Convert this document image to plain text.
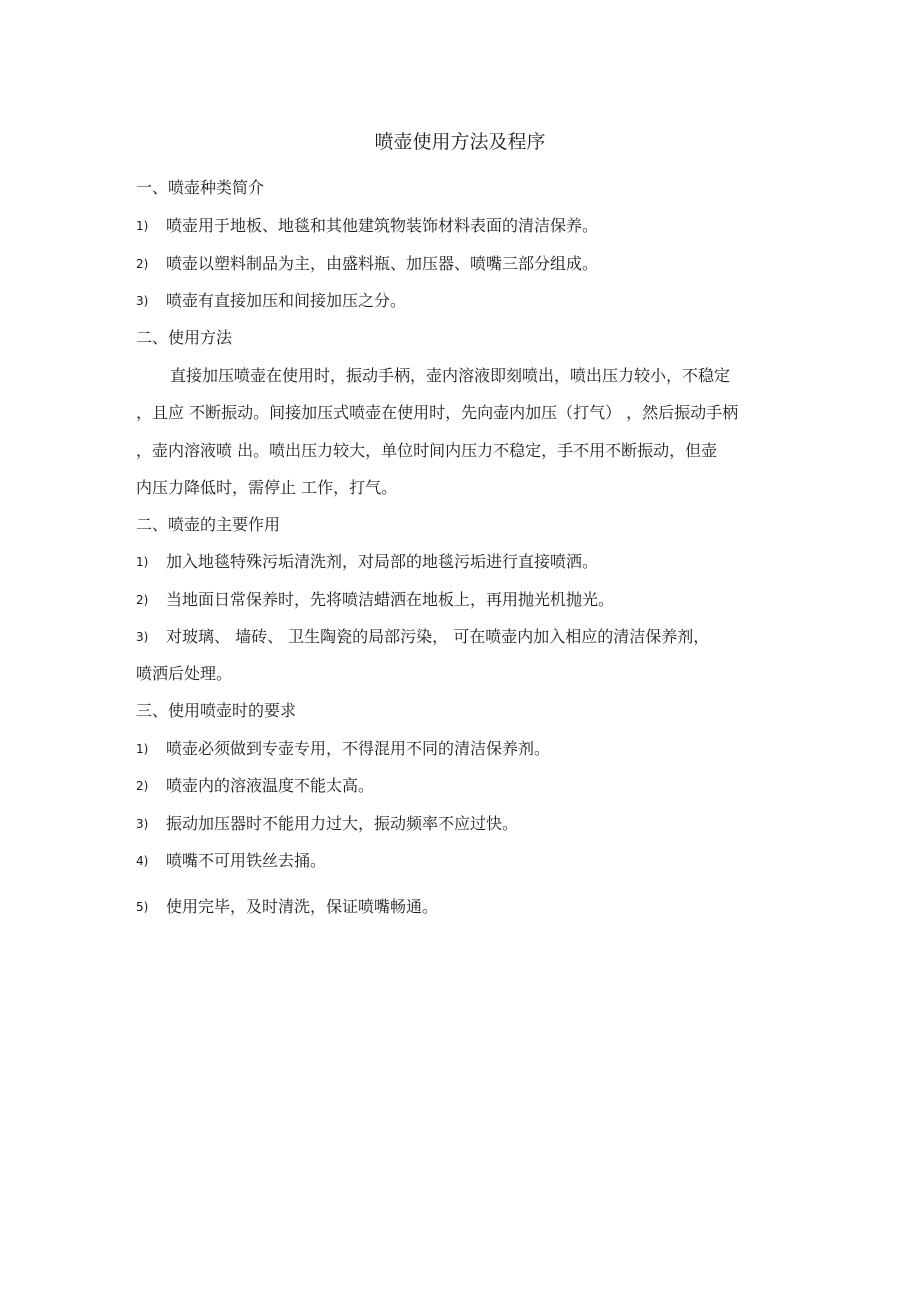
喷壶使用方法及程序
一、喷壶种类简介
1) 喷壶用于地板、地毯和其他建筑物装饰材料表面的清洁保养。
2) 喷壶以塑料制品为主，由盛料瓶、加压器、喷嘴三部分组成。
3) 喷壶有直接加压和间接加压之分。
二、使用方法
直接加压喷壶在使用时，振动手柄，壶内溶液即刻喷出，喷出压力较小，不稳定
，且应 不断振动。间接加压式喷壶在使用时，先向壶内加压（打气） ，然后振动手柄
，壶内溶液喷 出。喷出压力较大，单位时间内压力不稳定，手不用不断振动，但壶
内压力降低时，需停止 工作，打气。
二、喷壶的主要作用
1) 加入地毯特殊污垢清洗剂，对局部的地毯污垢进行直接喷洒。
2) 当地面日常保养时，先将喷洁蜡洒在地板上，再用抛光机抛光。
3) 对玻璃、 墙砖、 卫生陶瓷的局部污染， 可在喷壶内加入相应的清洁保养剂，
喷洒后处理。
三、使用喷壶时的要求
1) 喷壶必须做到专壶专用，不得混用不同的清洁保养剂。
2) 喷壶内的溶液温度不能太高。
3) 振动加压器时不能用力过大，振动频率不应过快。
4) 喷嘴不可用铁丝去捅。
5) 使用完毕，及时清洗，保证喷嘴畅通。
